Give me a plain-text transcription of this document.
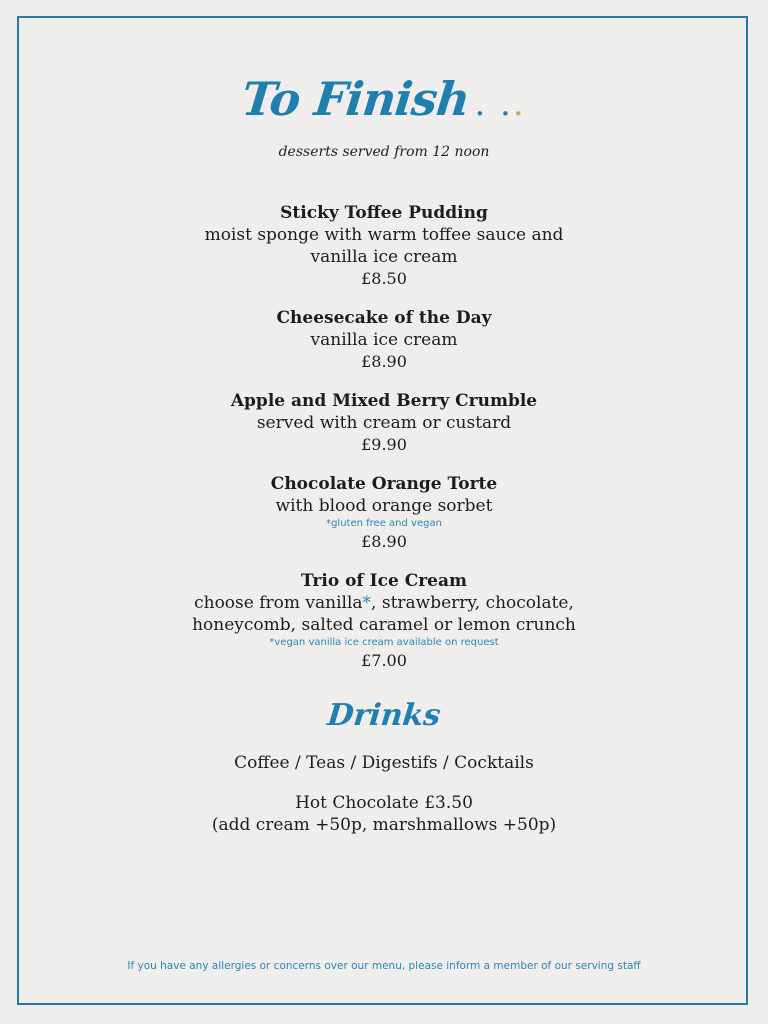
To Finish . ..
desserts served from 12 noon
Sticky Toffee Pudding
moist sponge with warm toffee sauce and
vanilla ice cream
£8.50
Cheesecake of the Day
vanilla ice cream
£8.90
Apple and Mixed Berry Crumble
served with cream or custard
£9.90
Chocolate Orange Torte
with blood orange sorbet
*gluten free and vegan
£8.90
Trio of Ice Cream
choose from vanilla*, strawberry, chocolate,
honeycomb, salted caramel or lemon crunch
*vegan vanilla ice cream available on request
£7.00
Drinks
Coffee / Teas / Digestifs / Cocktails
Hot Chocolate £3.50
(add cream +50p, marshmallows +50p)
If you have any allergies or concerns over our menu, please inform a member of our serving staff
